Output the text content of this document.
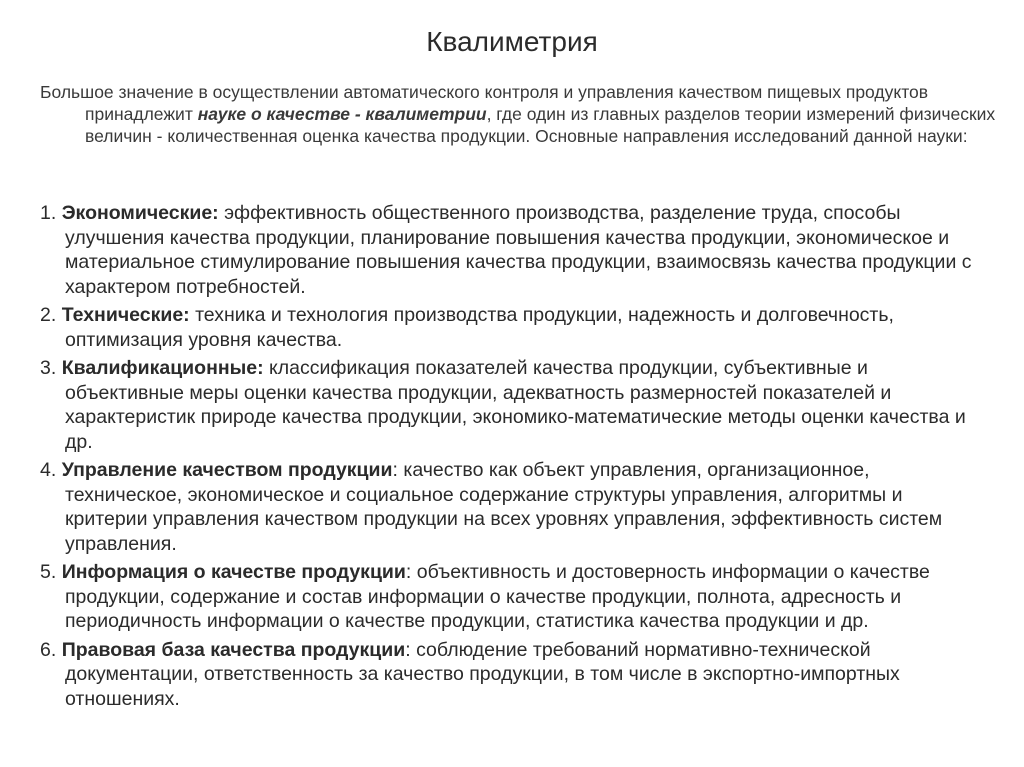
Квалиметрия

Большое значение в осуществлении автоматического контроля и управления качеством пищевых продуктов принадлежит науке о качестве - квалиметрии, где один из главных разделов теории измерений физических величин - количественная оценка качества продукции. Основные направления исследований данной науки:

1. Экономические: эффективность общественного производства, разделение труда, способы улучшения качества продукции, планирование повышения качества продукции, экономическое и материальное стимулирование повышения качества продукции, взаимосвязь качества продукции с характером потребностей.
2. Технические: техника и технология производства продукции, надежность и долговечность, оптимизация уровня качества.
3. Квалификационные: классификация показателей качества продукции, субъективные и объективные меры оценки качества продукции, адекватность размерностей показателей и характеристик природе качества продукции, экономико-математические методы оценки качества и др.
4. Управление качеством продукции: качество как объект управления, организационное, техническое, экономическое и социальное содержание структуры управления, алгоритмы и критерии управления качеством продукции на всех уровнях управления, эффективность систем управления.
5. Информация о качестве продукции: объективность и достоверность информации о качестве продукции, содержание и состав информации о качестве продукции, полнота, адресность и периодичность информации о качестве продукции, статистика качества продукции и др.
6. Правовая база качества продукции: соблюдение требований нормативно-технической документации, ответственность за качество продукции, в том числе в экспортно-импортных отношениях.
